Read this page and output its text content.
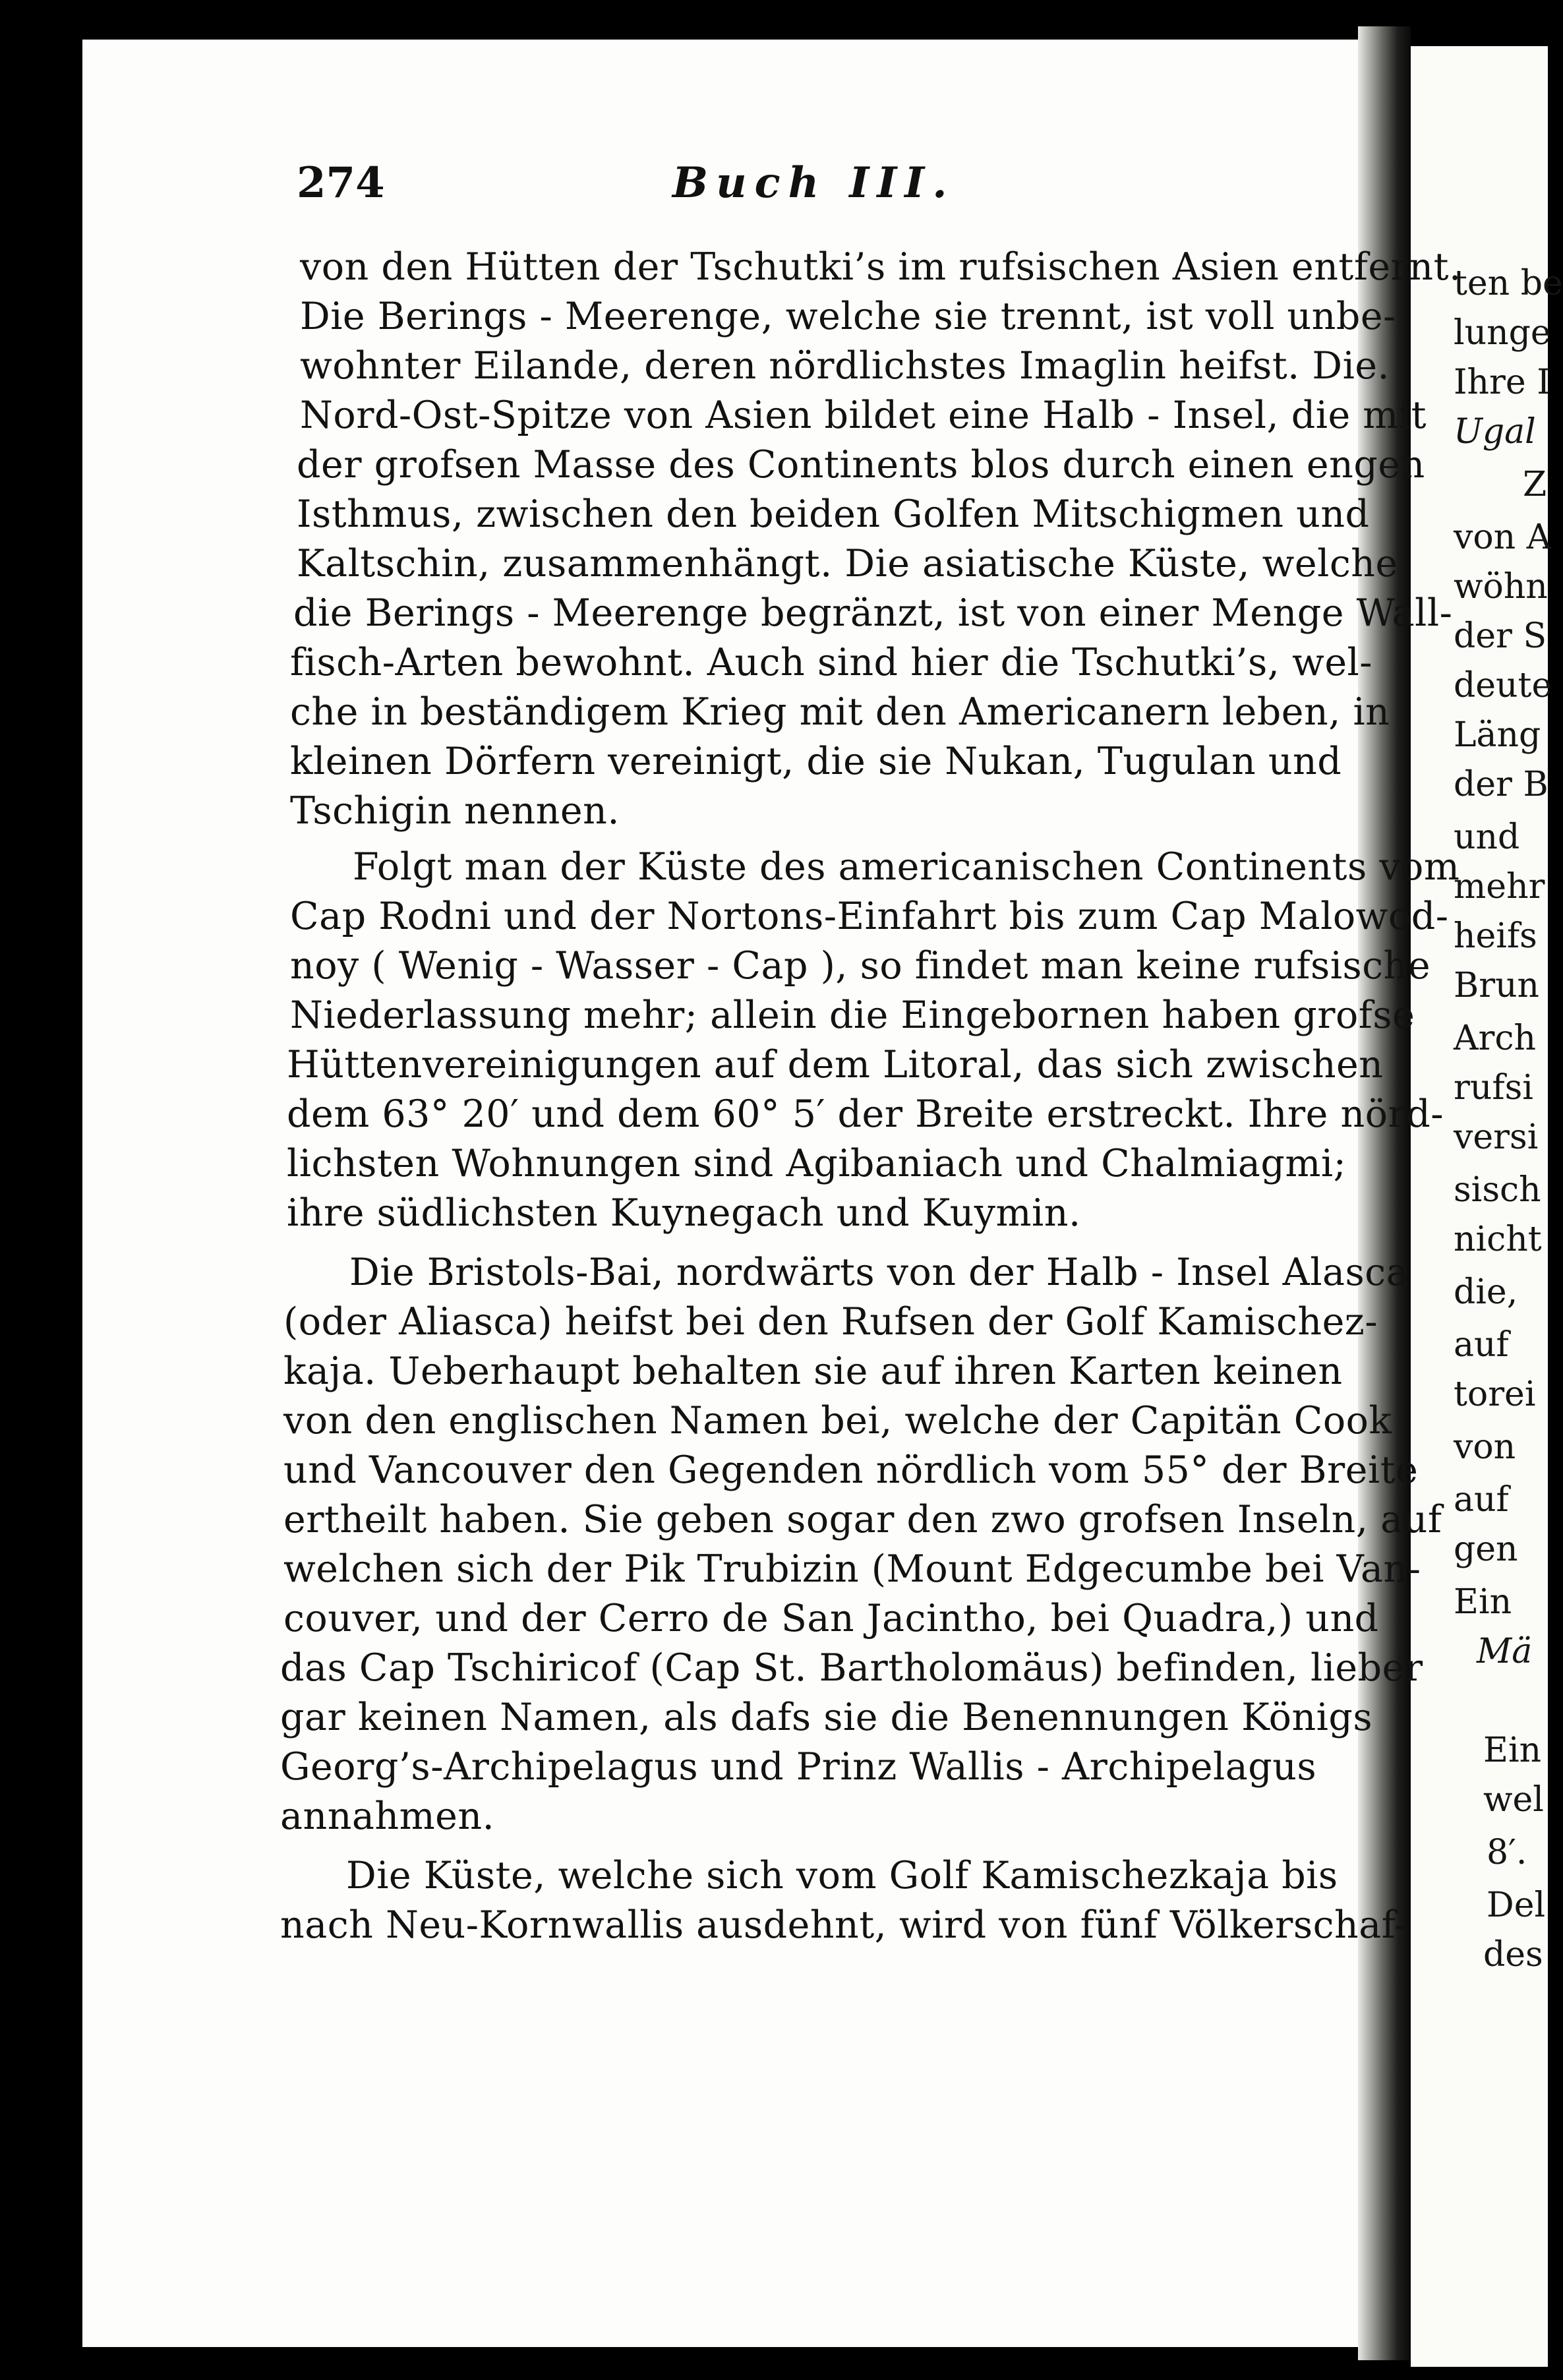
274	Buch III.
von den Hütten der Tschutki’s im rufsischen Asien entfernt.
Die Berings - Meerenge, welche sie trennt, ist voll unbe-
wohnter Eilande, deren nördlichstes Imaglin heifst. Die.
Nord-Ost-Spitze von Asien bildet eine Halb - Insel, die mit
der grofsen Masse des Continents blos durch einen engen
Isthmus, zwischen den beiden Golfen Mitschigmen und
Kaltschin, zusammenhängt. Die asiatische Küste, welche
die Berings - Meerenge begränzt, ist von einer Menge Wall-
fisch-Arten bewohnt. Auch sind hier die Tschutki’s, wel-
che in beständigem Krieg mit den Americanern leben, in
kleinen Dörfern vereinigt, die sie Nukan, Tugulan und
Tschigin nennen.
Folgt man der Küste des americanischen Continents vom
Cap Rodni und der Nortons-Einfahrt bis zum Cap Malowod-
noy ( Wenig - Wasser - Cap ), so findet man keine rufsische
Niederlassung mehr; allein die Eingebornen haben grofse
Hüttenvereinigungen auf dem Litoral, das sich zwischen
dem 63° 20′ und dem 60° 5′ der Breite erstreckt. Ihre nörd-
lichsten Wohnungen sind Agibaniach und Chalmiagmi;
ihre südlichsten Kuynegach und Kuymin.
Die Bristols-Bai, nordwärts von der Halb - Insel Alasca
(oder Aliasca) heifst bei den Rufsen der Golf Kamischez-
kaja. Ueberhaupt behalten sie auf ihren Karten keinen
von den englischen Namen bei, welche der Capitän Cook
und Vancouver den Gegenden nördlich vom 55° der Breite
ertheilt haben. Sie geben sogar den zwo grofsen Inseln, auf
welchen sich der Pik Trubizin (Mount Edgecumbe bei Van-
couver, und der Cerro de San Jacintho, bei Quadra,) und
das Cap Tschiricof (Cap St. Bartholomäus) befinden, lieber
gar keinen Namen, als dafs sie die Benennungen Königs
Georg’s-Archipelagus und Prinz Wallis - Archipelagus
annahmen.
Die Küste, welche sich vom Golf Kamischezkaja bis
nach Neu-Kornwallis ausdehnt, wird von fünf Völkerschaf-
ten be
lunge
Ihre I
Ugal
Z
von A
wöhn
der S
deute
Läng
der B
und
mehr
heifs
Brun
Arch
rufsi
versi
sisch
nicht
die,
auf
torei
von
auf
gen
Ein
Mä
Ein
wel
8′.
Del
des
